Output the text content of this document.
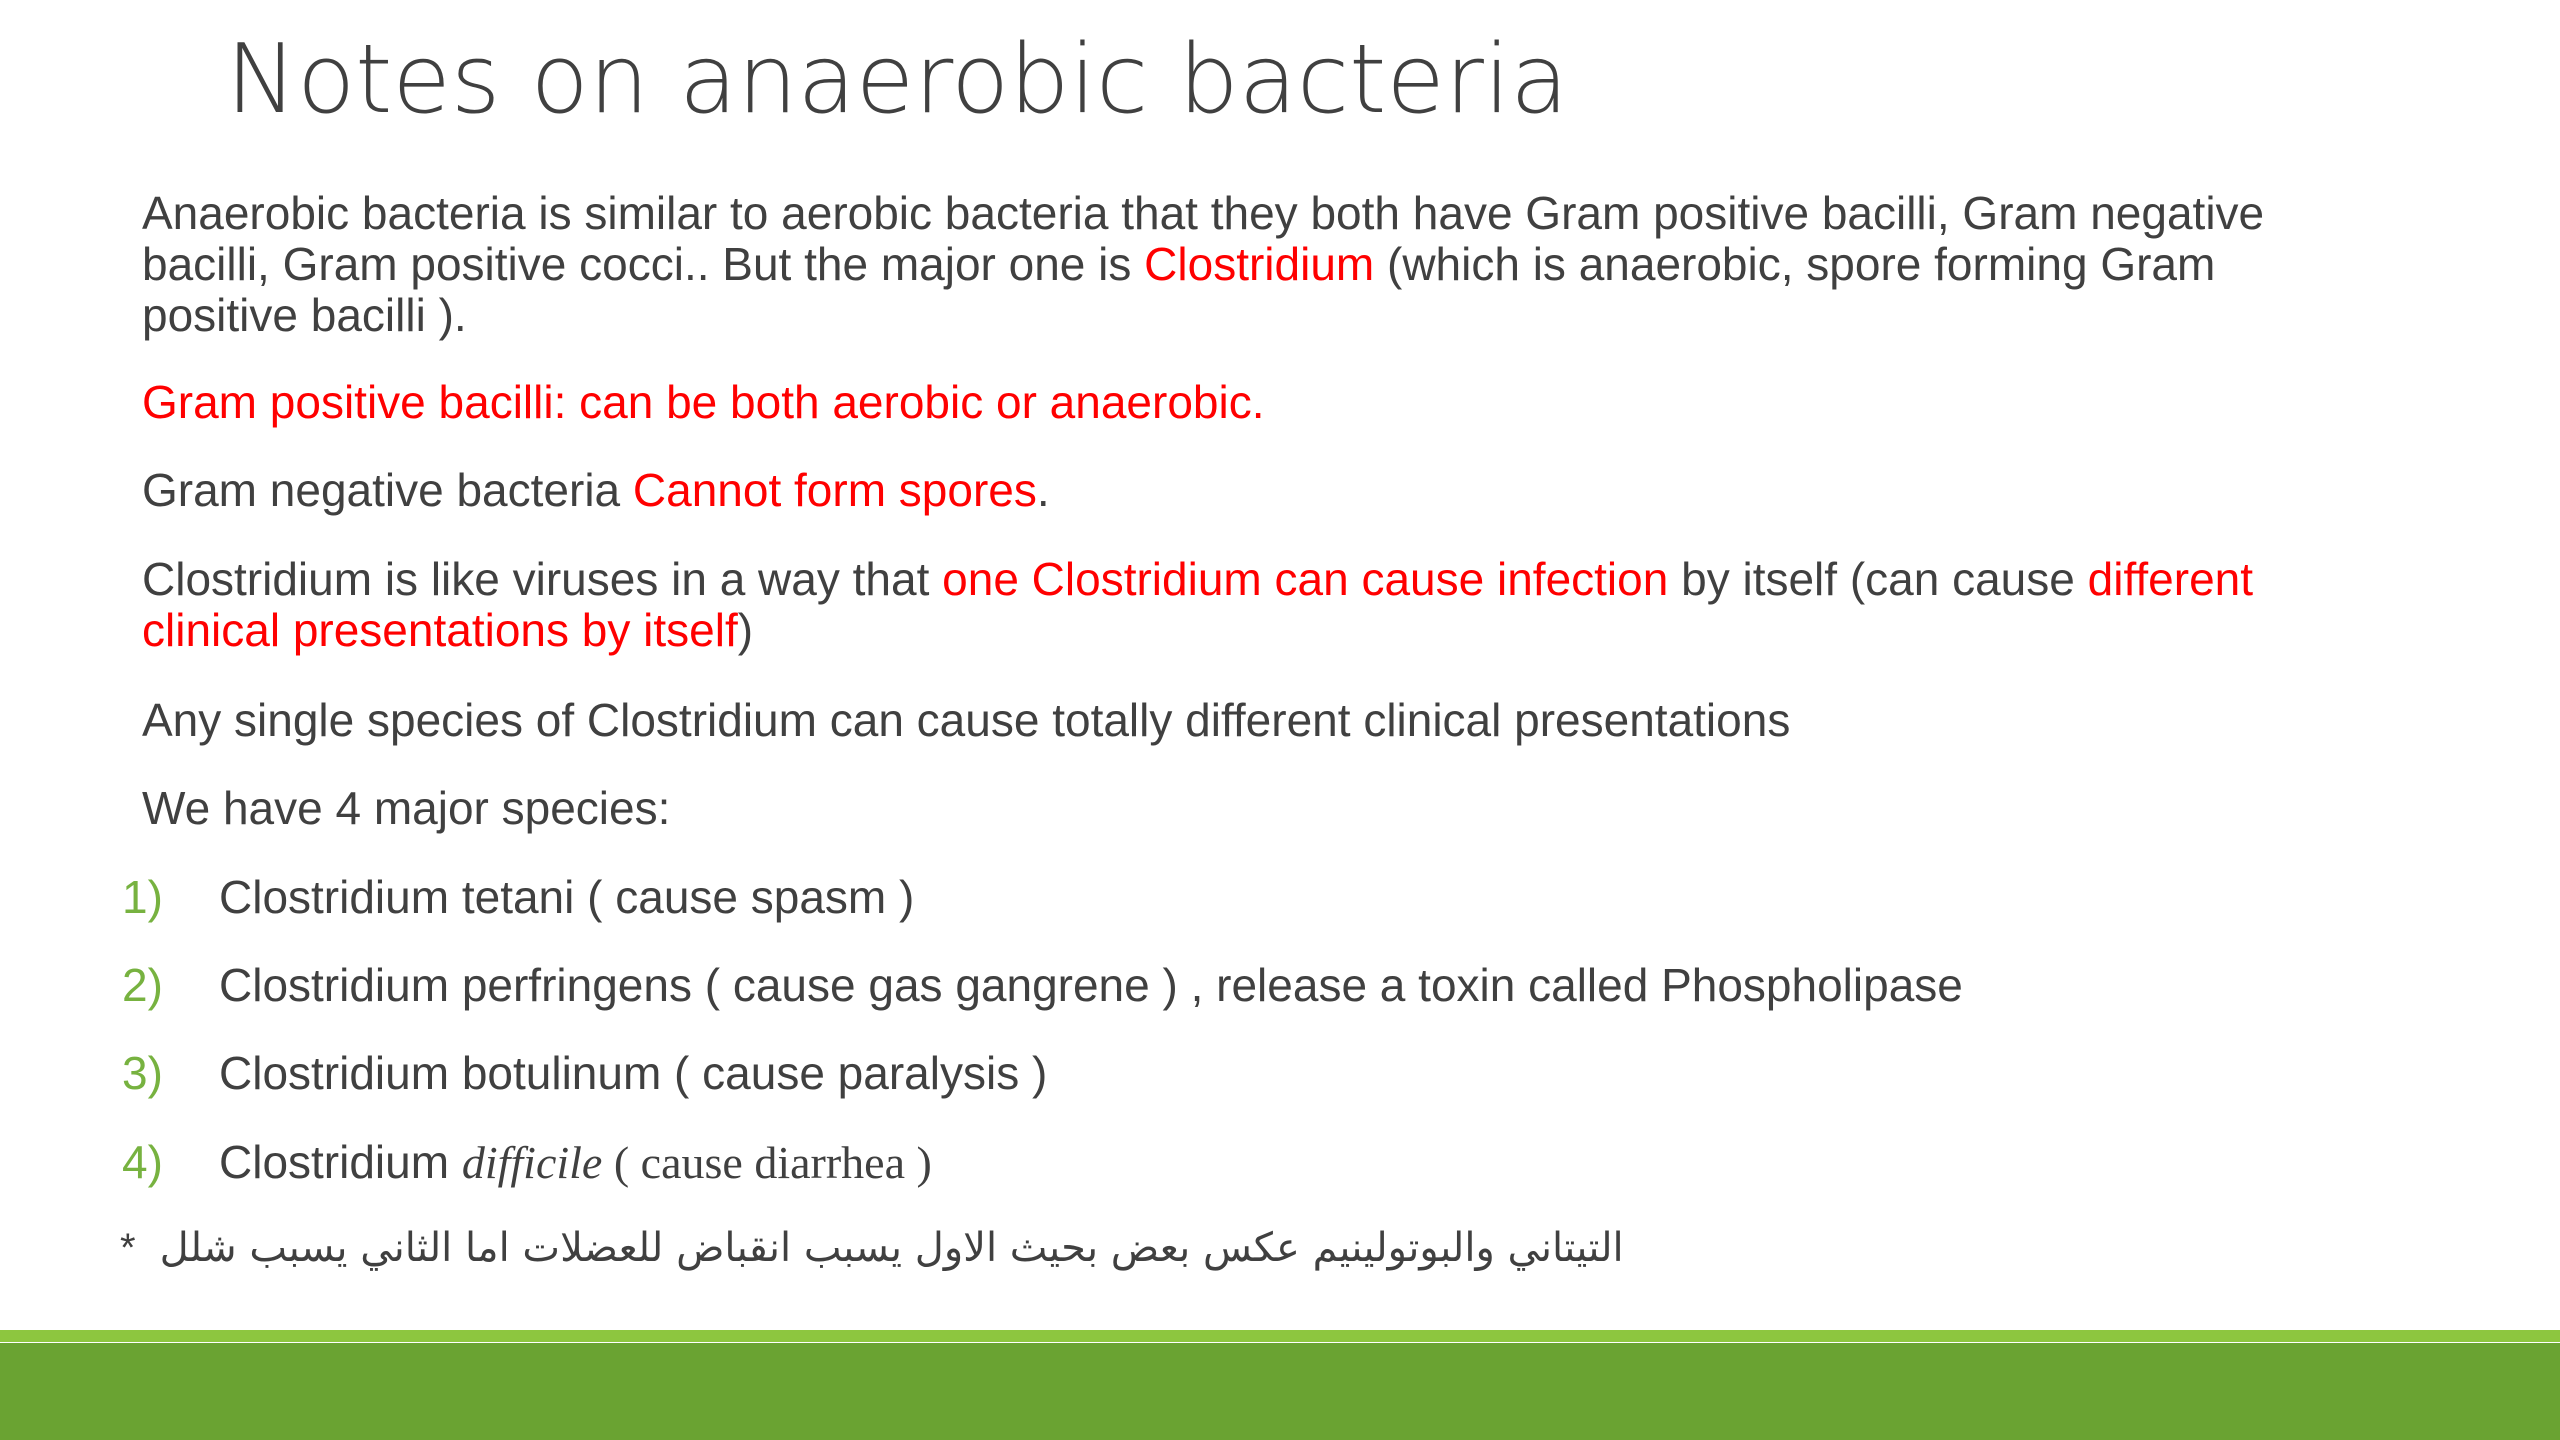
Notes on anaerobic bacteria
Anaerobic bacteria is similar to aerobic bacteria that they both have Gram positive bacilli, Gram negative bacilli, Gram positive cocci.. But the major one is Clostridium (which is anaerobic, spore forming Gram positive bacilli ).
Gram positive bacilli: can be both aerobic or anaerobic.
Gram negative bacteria Cannot form spores.
Clostridium is like viruses in a way that one Clostridium can cause infection by itself (can cause different clinical presentations by itself)
Any single species of Clostridium can cause totally different clinical presentations
We have 4 major species:
1) Clostridium tetani ( cause spasm )
2) Clostridium perfringens ( cause gas gangrene ) , release a toxin called Phospholipase
3) Clostridium botulinum ( cause paralysis )
4) Clostridium difficile ( cause diarrhea )
* التيتاني والبوتولينيم عكس بعض بحيث الاول يسبب انقباض للعضلات اما الثاني يسبب شلل
